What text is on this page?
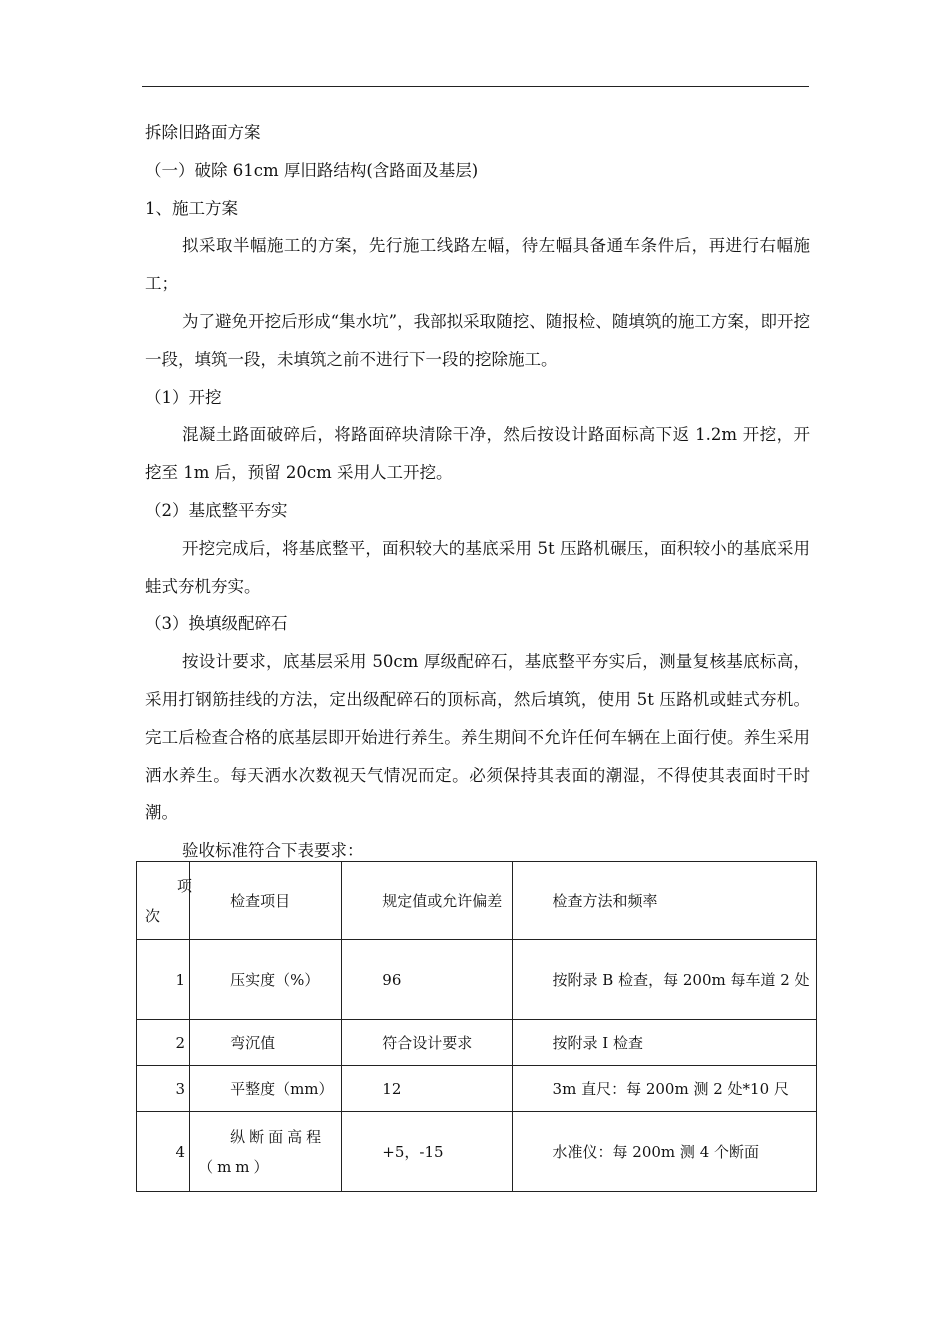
拆除旧路面方案
（一）破除 61cm 厚旧路结构(含路面及基层)
1、施工方案
拟采取半幅施工的方案，先行施工线路左幅，待左幅具备通车条件后，再进行右幅施工；
为了避免开挖后形成“集水坑”，我部拟采取随挖、随报检、随填筑的施工方案，即开挖一段，填筑一段，未填筑之前不进行下一段的挖除施工。
（1）开挖
混凝土路面破碎后，将路面碎块清除干净，然后按设计路面标高下返 1.2m 开挖，开挖至 1m 后，预留 20cm 采用人工开挖。
（2）基底整平夯实
开挖完成后，将基底整平，面积较大的基底采用 5t 压路机碾压，面积较小的基底采用蛙式夯机夯实。
（3）换填级配碎石
按设计要求，底基层采用 50cm 厚级配碎石，基底整平夯实后，测量复核基底标高，采用打钢筋挂线的方法，定出级配碎石的顶标高，然后填筑，使用 5t 压路机或蛙式夯机。完工后检查合格的底基层即开始进行养生。养生期间不允许任何车辆在上面行使。养生采用洒水养生。每天洒水次数视天气情况而定。必须保持其表面的潮湿，不得使其表面时干时潮。
验收标准符合下表要求：
项次	检查项目	规定值或允许偏差	检查方法和频率
1	压实度（%）	96	按附录 B 检查，每 200m 每车道 2 处
2	弯沉值	符合设计要求	按附录 I 检查
3	平整度（mm）	12	3m 直尺：每 200m 测 2 处*10 尺
4	纵断面高程（mm）	+5，-15	水准仪：每 200m 测 4 个断面
